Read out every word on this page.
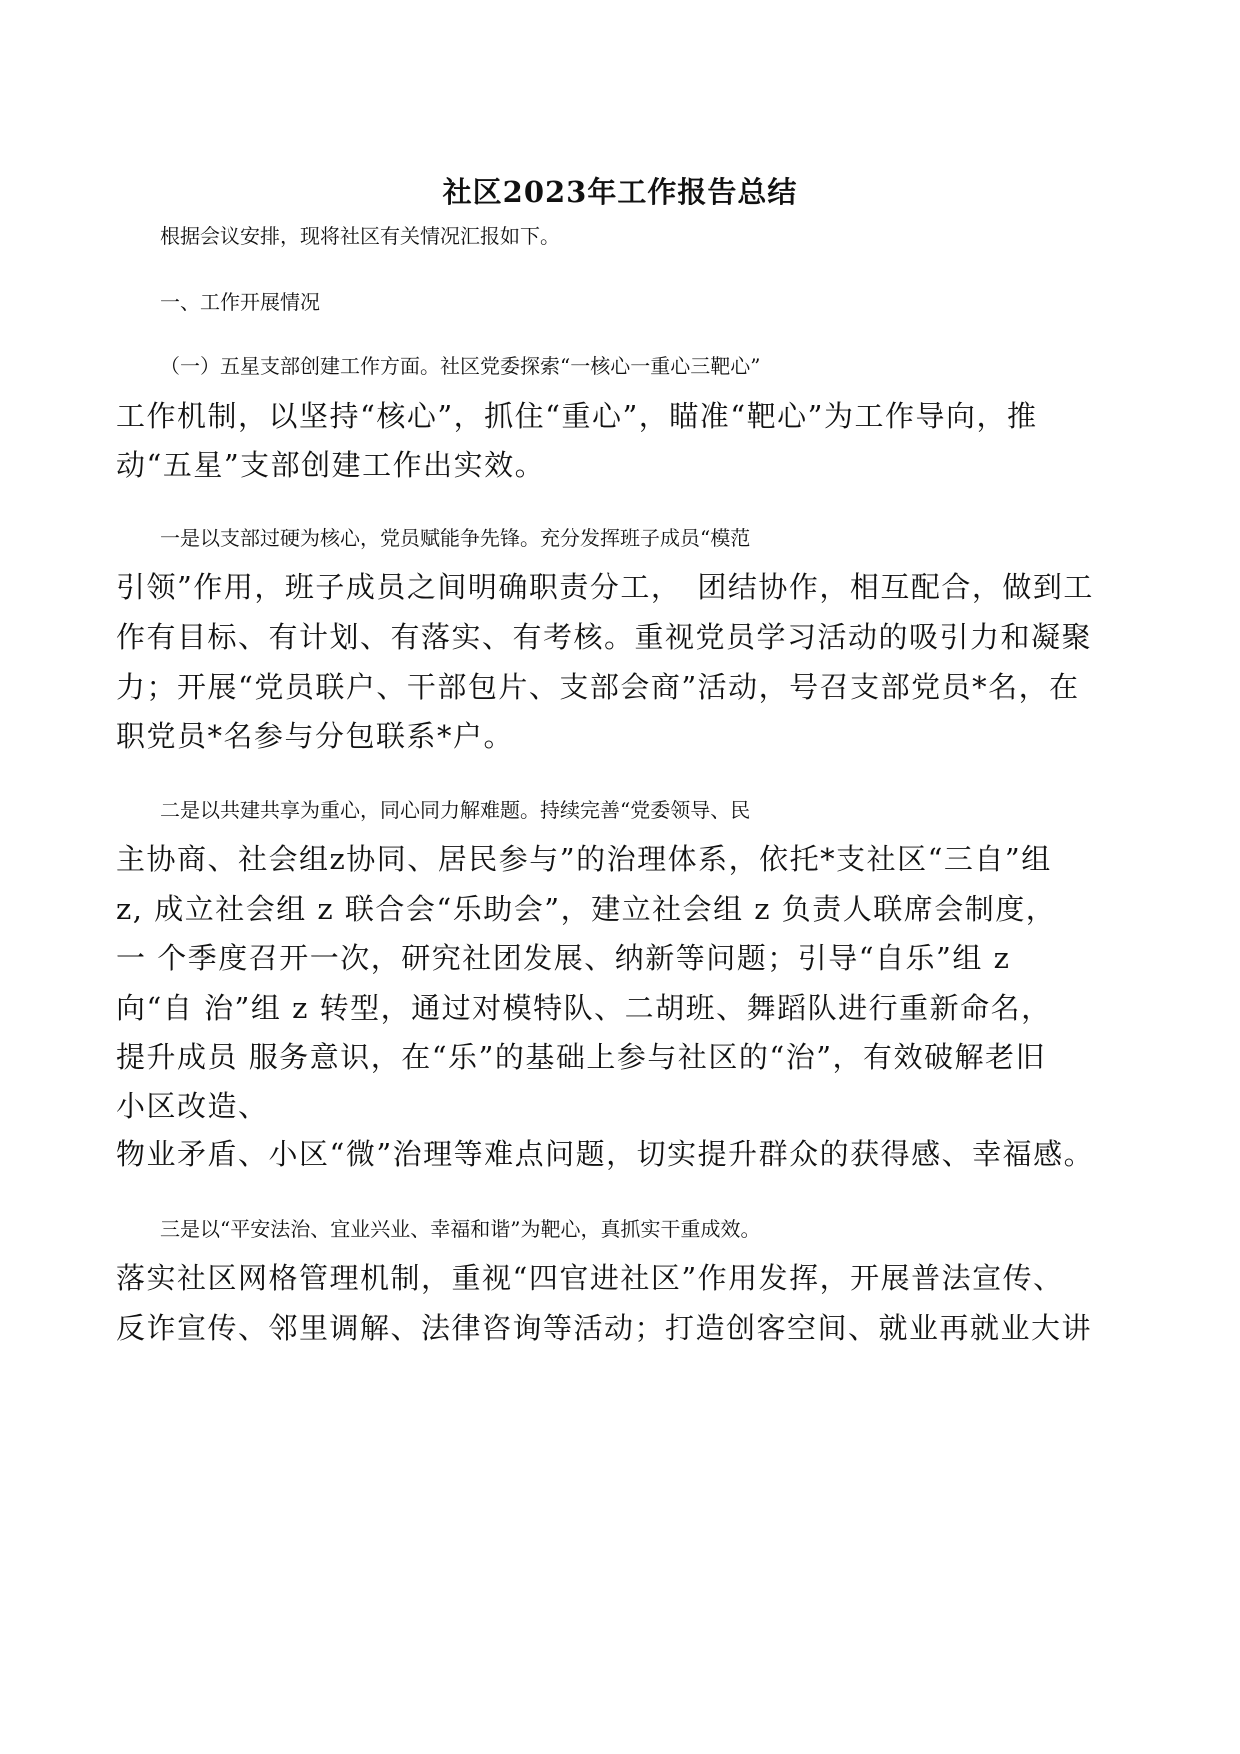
社区2023年工作报告总结
根据会议安排，现将社区有关情况汇报如下。
一、工作开展情况
（一）五星支部创建工作方面。社区党委探索“一核心一重心三靶心”
工作机制，以坚持“核心”，抓住“重心”，瞄准“靶心”为工作导向，推
动“五星”支部创建工作出实效。
一是以支部过硬为核心，党员赋能争先锋。充分发挥班子成员“模范
引领”作用，班子成员之间明确职责分工，　团结协作，相互配合，做到工
作有目标、有计划、有落实、有考核。重视党员学习活动的吸引力和凝聚
力；开展“党员联户、干部包片、支部会商”活动，号召支部党员*名，在
职党员*名参与分包联系*户。
二是以共建共享为重心，同心同力解难题。持续完善“党委领导、民
主协商、社会组z协同、居民参与”的治理体系，依托*支社区“三自”组
z, 成立社会组 z 联合会“乐助会”，建立社会组 z 负责人联席会制度，
一 个季度召开一次，研究社团发展、纳新等问题；引导“自乐”组 z
向“自 治”组 z 转型，通过对模特队、二胡班、舞蹈队进行重新命名，
提升成员 服务意识，在“乐”的基础上参与社区的“治”，有效破解老旧
小区改造、
物业矛盾、小区“微”治理等难点问题，切实提升群众的获得感、幸福感。
三是以“平安法治、宜业兴业、幸福和谐”为靶心，真抓实干重成效。
落实社区网格管理机制，重视“四官进社区”作用发挥，开展普法宣传、
反诈宣传、邻里调解、法律咨询等活动；打造创客空间、就业再就业大讲
